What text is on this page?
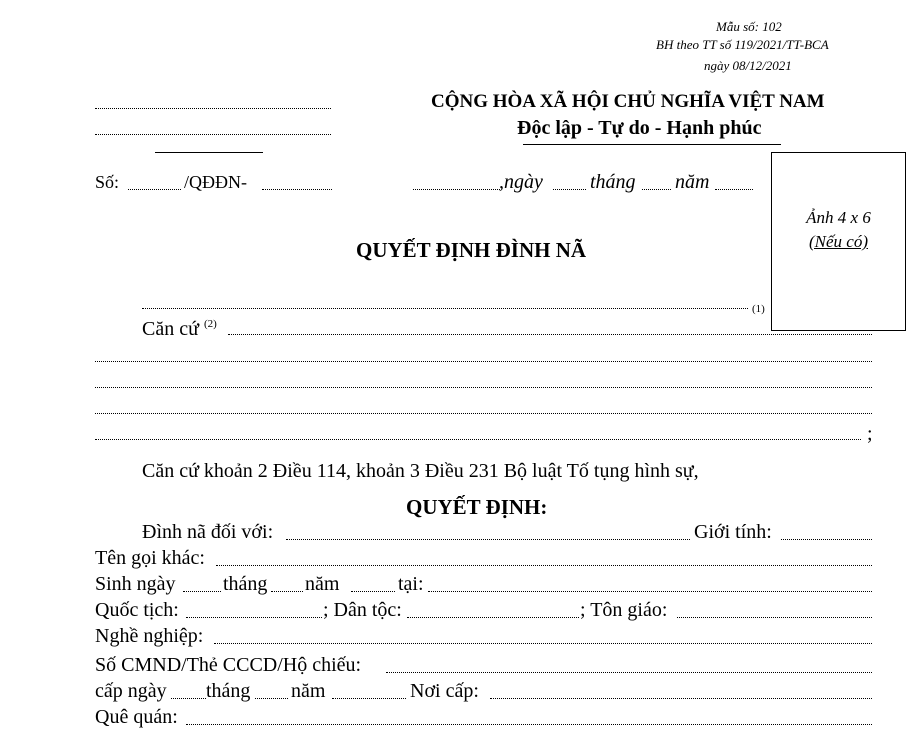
Mẫu số: 102
BH theo TT số 119/2021/TT-BCA
ngày 08/12/2021
CỘNG HÒA XÃ HỘI CHỦ NGHĨA VIỆT NAM
Độc lập - Tự do - Hạnh phúc
Số:	/QĐĐN-	,ngày tháng năm
Ảnh 4 x 6
(Nếu có)
QUYẾT ĐỊNH ĐÌNH NÃ
(1)
Căn cứ $^{(2)}$
;
Căn cứ khoản 2 Điều 114, khoản 3 Điều 231 Bộ luật Tố tụng hình sự,
QUYẾT ĐỊNH:
Đình nã đối với:	Giới tính:
Tên gọi khác:
Sinh ngày tháng năm	tại:
Quốc tịch:	; Dân tộc:	; Tôn giáo:
Nghề nghiệp:
Số CMND/Thẻ CCCD/Hộ chiếu:
cấp ngày tháng năm	Nơi cấp:
Quê quán:
